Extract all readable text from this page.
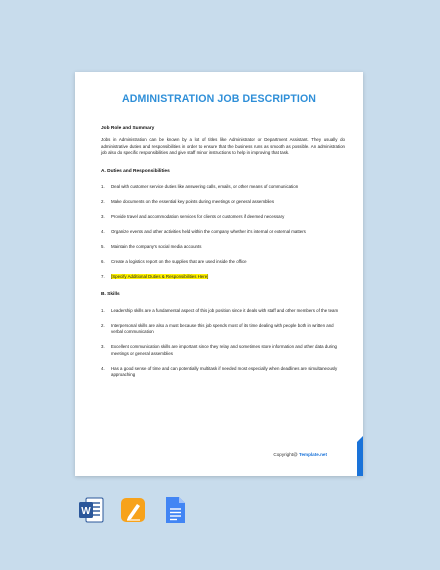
ADMINISTRATION JOB DESCRIPTION
Job Role and Summary
Jobs in Administration can be known by a lot of titles like Administrator or Department Assistant. They usually do administrative duties and responsibilities in order to ensure that the business runs as smooth as possible. An administration job also do specific responsibilities and give staff minor instructions to help in improving that task.
A. Duties and Responsibilities
1.	Deal with customer service duties like answering calls, emails, or other means of communication
2.	Make documents on the essential key points during meetings or general assemblies
3.	Provide travel and accommodation services for clients or customers if deemed necessary
4.	Organize events and other activities held within the company whether it's internal or external matters
5.	Maintain the company's social media accounts
6.	Create a logistics report on the supplies that are used inside the office
7.	[Specify Additional Duties & Responsibilities Here]
B. Skills
1.	Leadership skills are a fundamental aspect of this job position since it deals with staff and other members of the team
2.	Interpersonal skills are also a must because this job spends most of its time dealing with people both in written and verbal communication
3.	Excellent communication skills are important since they relay and sometimes store information and other data during meetings or general assemblies
4.	Has a good sense of time and can potentially multitask if needed most especially when deadlines are simultaneously approaching
Copyright@ Template.net
W
